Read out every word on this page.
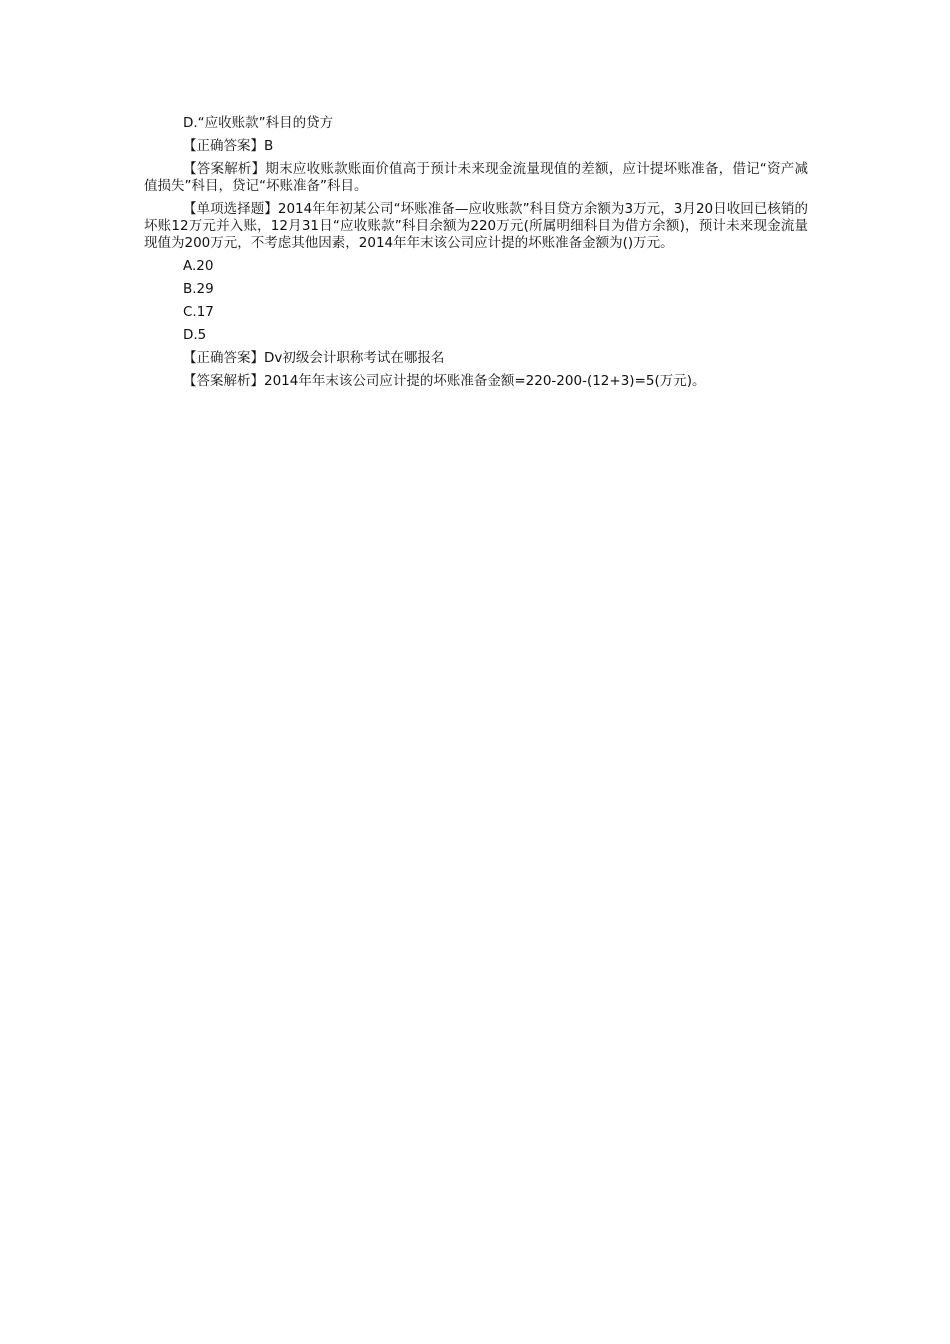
D.“应收账款”科目的贷方

【正确答案】B

【答案解析】期末应收账款账面价值高于预计未来现金流量现值的差额，应计提坏账准备，借记“资产减值损失”科目，贷记“坏账准备”科目。

【单项选择题】2014年年初某公司“坏账准备—应收账款”科目贷方余额为3万元，3月20日收回已核销的坏账12万元并入账，12月31日“应收账款”科目余额为220万元(所属明细科目为借方余额)，预计未来现金流量现值为200万元，不考虑其他因素，2014年年末该公司应计提的坏账准备金额为()万元。

A.20

B.29

C.17

D.5

【正确答案】Dv初级会计职称考试在哪报名

【答案解析】2014年年末该公司应计提的坏账准备金额=220-200-(12+3)=5(万元)。
